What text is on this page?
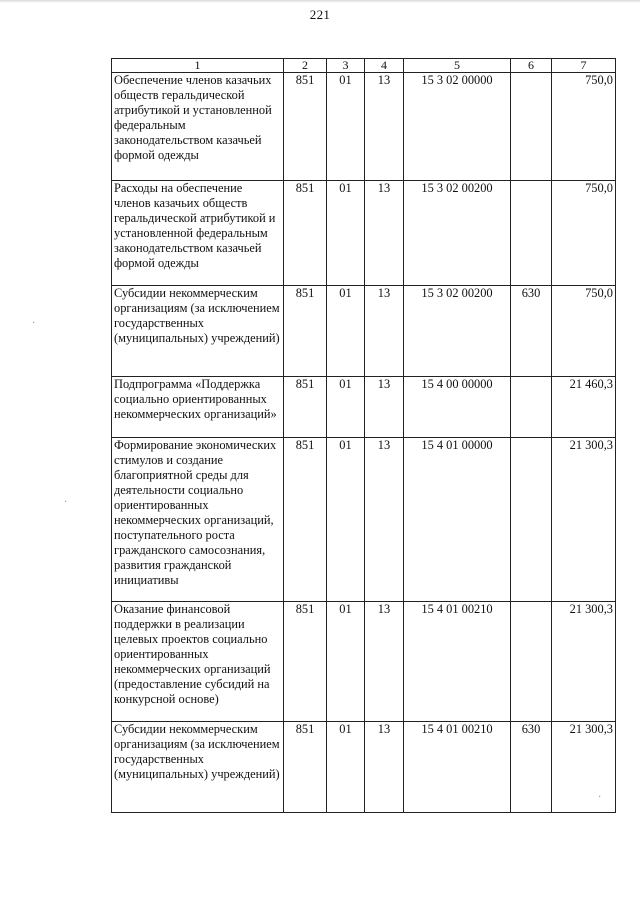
221
1	2	3	4	5	6	7
Обеспечение членов казачьих обществ геральдической атрибутикой и установленной федеральным законодательством казачьей формой одежды	851	01	13	15 3 02 00000		750,0
Расходы на обеспечение членов казачьих обществ геральдической атрибутикой и установленной федеральным законодательством казачьей формой одежды	851	01	13	15 3 02 00200		750,0
Субсидии некоммерческим организациям (за исключением государственных (муниципальных) учреждений)	851	01	13	15 3 02 00200	630	750,0
Подпрограмма «Поддержка социально ориентированных некоммерческих организаций»	851	01	13	15 4 00 00000		21 460,3
Формирование экономических стимулов и создание благоприятной среды для деятельности социально ориентированных некоммерческих организаций, поступательного роста гражданского самосознания, развития гражданской инициативы	851	01	13	15 4 01 00000		21 300,3
Оказание финансовой поддержки в реализации целевых проектов социально ориентированных некоммерческих организаций (предоставление субсидий на конкурсной основе)	851	01	13	15 4 01 00210		21 300,3
Субсидии некоммерческим организациям (за исключением государственных (муниципальных) учреждений)	851	01	13	15 4 01 00210	630	21 300,3
·
·
·
